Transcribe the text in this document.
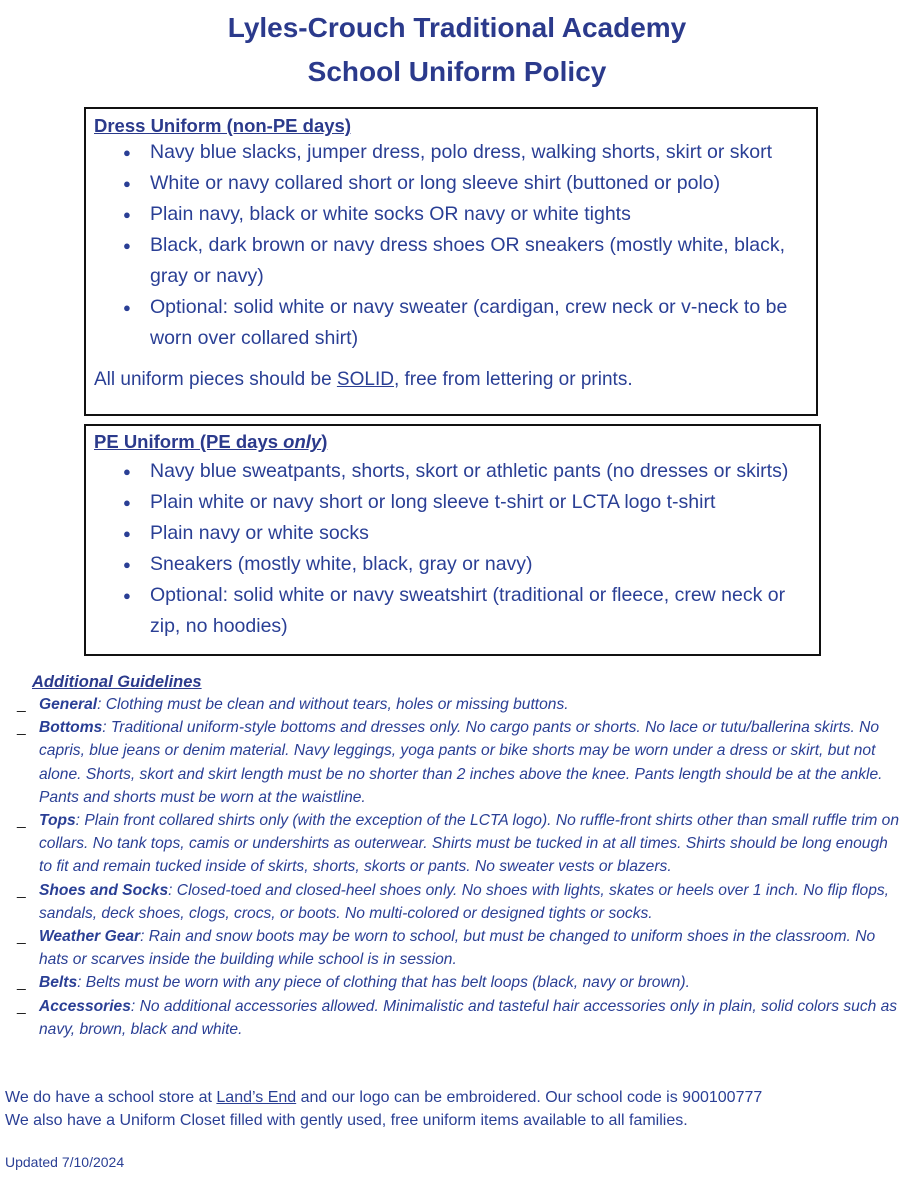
Lyles-Crouch Traditional Academy
School Uniform Policy
Dress Uniform (non-PE days)
● Navy blue slacks, jumper dress, polo dress, walking shorts, skirt or skort
● White or navy collared short or long sleeve shirt (buttoned or polo)
● Plain navy, black or white socks OR navy or white tights
● Black, dark brown or navy dress shoes OR sneakers (mostly white, black, gray or navy)
● Optional: solid white or navy sweater (cardigan, crew neck or v-neck to be worn over collared shirt)
All uniform pieces should be SOLID, free from lettering or prints.
PE Uniform (PE days only)
● Navy blue sweatpants, shorts, skort or athletic pants (no dresses or skirts)
● Plain white or navy short or long sleeve t-shirt or LCTA logo t-shirt
● Plain navy or white socks
● Sneakers (mostly white, black, gray or navy)
● Optional: solid white or navy sweatshirt (traditional or fleece, crew neck or zip, no hoodies)
Additional Guidelines
_ General: Clothing must be clean and without tears, holes or missing buttons.
_ Bottoms: Traditional uniform-style bottoms and dresses only. No cargo pants or shorts. No lace or tutu/ballerina skirts. No capris, blue jeans or denim material. Navy leggings, yoga pants or bike shorts may be worn under a dress or skirt, but not alone. Shorts, skort and skirt length must be no shorter than 2 inches above the knee. Pants length should be at the ankle. Pants and shorts must be worn at the waistline.
_ Tops: Plain front collared shirts only (with the exception of the LCTA logo). No ruffle-front shirts other than small ruffle trim on collars. No tank tops, camis or undershirts as outerwear. Shirts must be tucked in at all times. Shirts should be long enough to fit and remain tucked inside of skirts, shorts, skorts or pants. No sweater vests or blazers.
_ Shoes and Socks: Closed-toed and closed-heel shoes only. No shoes with lights, skates or heels over 1 inch. No flip flops, sandals, deck shoes, clogs, crocs, or boots. No multi-colored or designed tights or socks.
_ Weather Gear: Rain and snow boots may be worn to school, but must be changed to uniform shoes in the classroom. No hats or scarves inside the building while school is in session.
_ Belts: Belts must be worn with any piece of clothing that has belt loops (black, navy or brown).
_ Accessories: No additional accessories allowed. Minimalistic and tasteful hair accessories only in plain, solid colors such as navy, brown, black and white.
We do have a school store at Land’s End and our logo can be embroidered. Our school code is 900100777
We also have a Uniform Closet filled with gently used, free uniform items available to all families.
Updated 7/10/2024
